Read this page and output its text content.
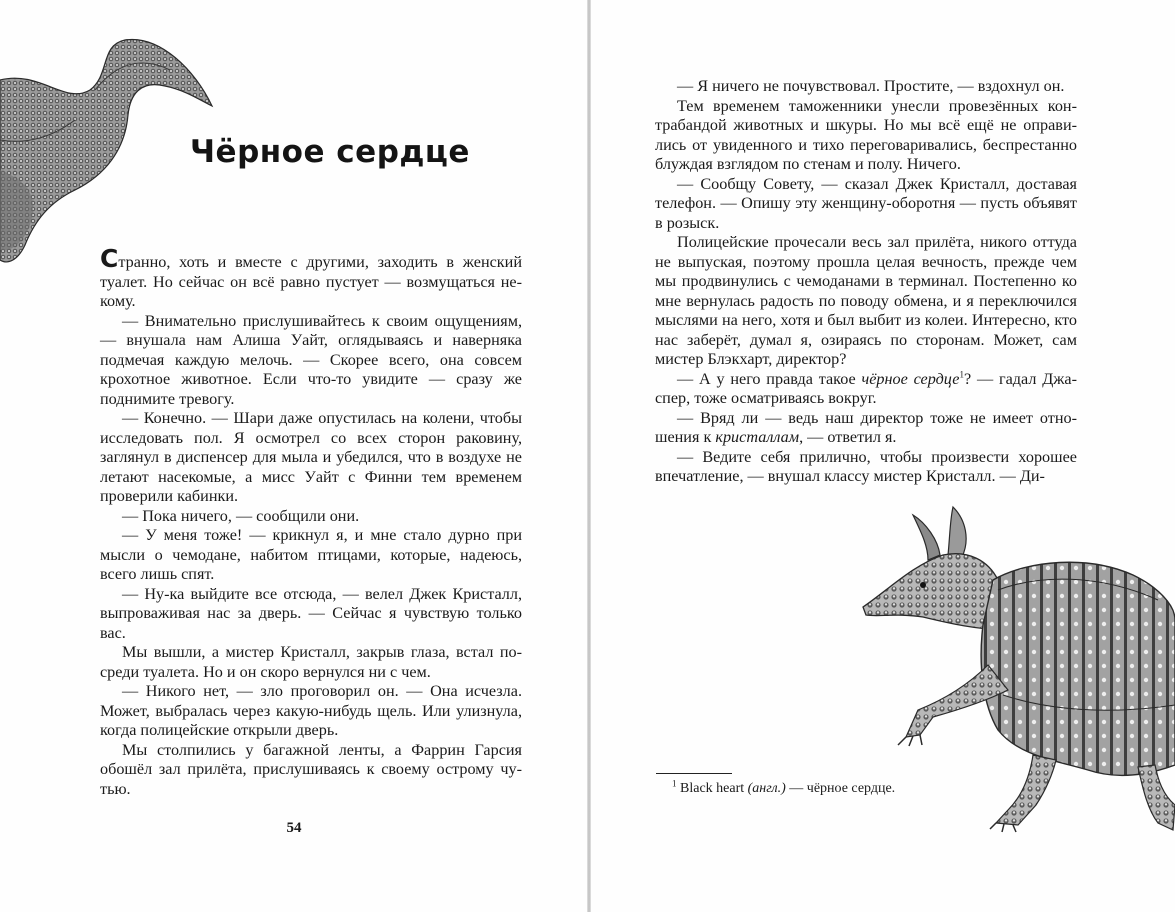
Чёрное сердце

Странно, хоть и вместе с другими, заходить в женский туалет. Но сейчас он всё равно пустует — возмущаться некому.

— Внимательно прислушивайтесь к своим ощущениям, — внушала нам Алиша Уайт, оглядываясь и наверняка подмечая каждую мелочь. — Скорее всего, она совсем крохотное животное. Если что-то увидите — сразу же поднимите тревогу.

— Конечно. — Шари даже опустилась на колени, чтобы исследовать пол. Я осмотрел со всех сторон раковину, заглянул в диспенсер для мыла и убедился, что в воздухе не летают насекомые, а мисс Уайт с Финни тем временем проверили кабинки.

— Пока ничего, — сообщили они.

— У меня тоже! — крикнул я, и мне стало дурно при мысли о чемодане, набитом птицами, которые, надеюсь, всего лишь спят.

— Ну-ка выйдите все отсюда, — велел Джек Кристалл, выпроваживая нас за дверь. — Сейчас я чувствую только вас.

Мы вышли, а мистер Кристалл, закрыв глаза, встал посреди туалета. Но и он скоро вернулся ни с чем.

— Никого нет, — зло проговорил он. — Она исчезла. Может, выбралась через какую-нибудь щель. Или улизнула, когда полицейские открыли дверь.

Мы столпились у багажной ленты, а Фаррин Гарсия обошёл зал прилёта, прислушиваясь к своему острому чутью.

54

— Я ничего не почувствовал. Простите, — вздохнул он.

Тем временем таможенники унесли провезённых контрабандой животных и шкуры. Но мы всё ещё не оправились от увиденного и тихо переговаривались, беспрестанно блуждая взглядом по стенам и полу. Ничего.

— Сообщу Совету, — сказал Джек Кристалл, доставая телефон. — Опишу эту женщину-оборотня — пусть объявят в розыск.

Полицейские прочесали весь зал прилёта, никого оттуда не выпуская, поэтому прошла целая вечность, прежде чем мы продвинулись с чемоданами в терминал. Постепенно ко мне вернулась радость по поводу обмена, и я переключился мыслями на него, хотя и был выбит из колеи. Интересно, кто нас заберёт, думал я, озираясь по сторонам. Может, сам мистер Блэкхарт, директор?

— А у него правда такое чёрное сердце$^1$? — гадал Джаспер, тоже осматриваясь вокруг.

— Вряд ли — ведь наш директор тоже не имеет отношения к кристаллам, — ответил я.

— Ведите себя прилично, чтобы произвести хорошее впечатление, — внушал классу мистер Кристалл. — Ди-

$^1$ Black heart (англ.) — чёрное сердце.
